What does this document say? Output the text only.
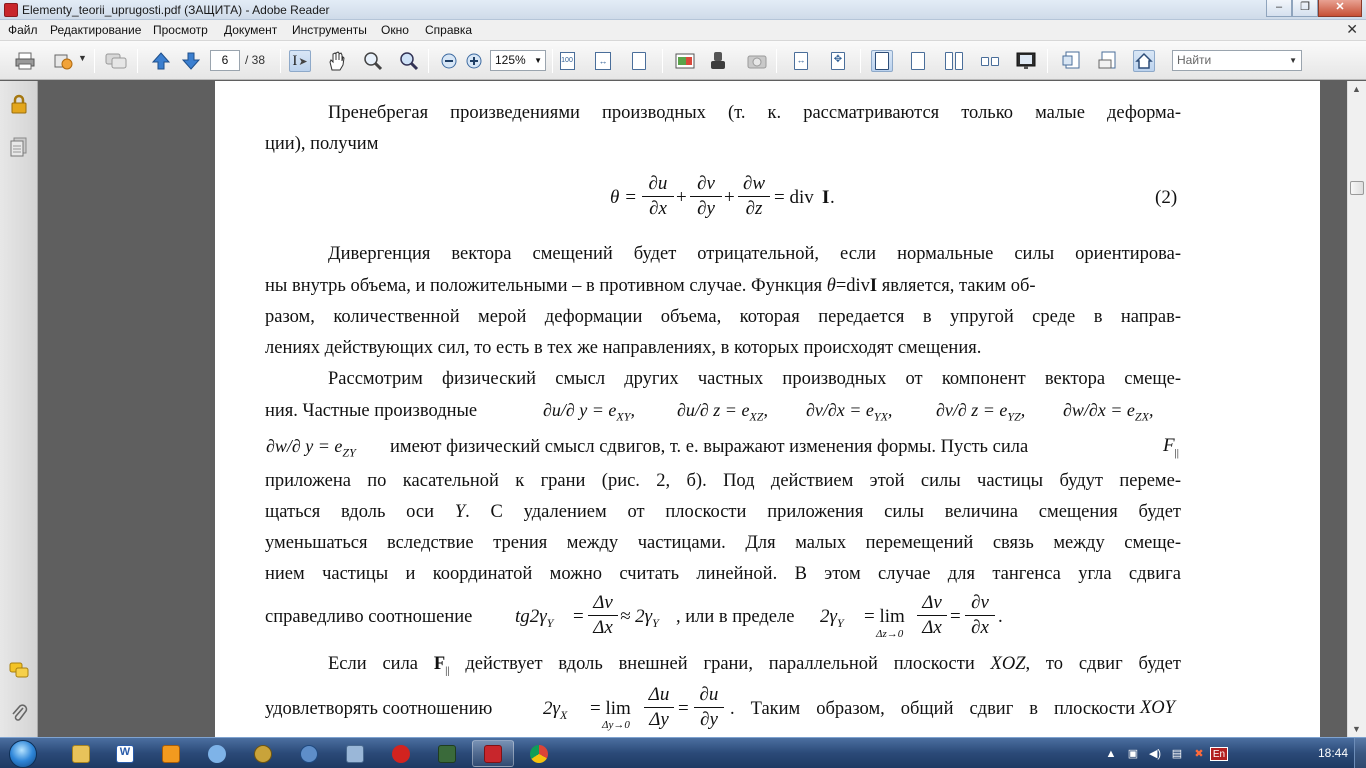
Elementy_teorii_uprugosti.pdf (ЗАЩИТА) - Adobe Reader	–	❐	✕
Файл Редактирование Просмотр Документ Инструменты Окно Справка	✕
▼	6	/ 38 I ➤	125% ▼	100	↔	↔	✥	Найти	▼
Пренебрегая произведениями производных (т. к. рассматриваются только малые деформа-
ции), получим
θ =
∂u
∂x
+
∂v
∂y
+
∂w
∂z
= div I .	(2)
Дивергенция вектора смещений будет отрицательной, если нормальные силы ориентирова-
ны внутрь объема, и положительными – в противном случае. Функция θ=divI является, таким об-
разом, количественной мерой деформации объема, которая передается в упругой среде в направ-
лениях действующих сил, то есть в тех же направлениях, в которых происходят смещения.
Рассмотрим физический смысл других частных производных от компонент вектора смеще-
ния. Частные производные	∂u/∂ $y = e_{XY}$, ∂u/∂ $z = e_{XZ}$, $\partial v/\partial x = e_{YX}$, ∂v/∂ $z = e_{YZ}$, $\partial w/\partial x = e_{ZX}$,
∂w/∂ $y = e_{ZY}$ имеют физический смысл сдвигов, т. е. выражают изменения формы. Пусть сила	$F_{||}$
приложена по касательной к грани (рис. 2, б). Под действием этой силы частицы будут переме-
щаться вдоль оси Y. С удалением от плоскости приложения силы величина смещения будет
уменьшаться вследствие трения между частицами. Для малых перемещений связь между смеще-
нием частицы и координатой можно считать линейной. В этом случае для тангенса угла сдвига
справедливо соотношение	$tg2\gamma_Y$ =
Δv
Δx
≈ $2\gamma_Y$ , или в пределе	$2\gamma_Y = \lim$
Δz→0
Δv
Δx
=
∂v
∂x
.
Если сила $F_{||}$ действует вдоль внешней грани, параллельной плоскости XOZ, то сдвиг будет
удовлетворять соотношению	$2\gamma_X = \lim$
Δy→0
Δu
Δy
=
∂u
∂y . Таким образом, общий сдвиг в плоскости XOY
▲
▼
W	▲ ▣ ◀) ▤ ✖ En	18:44
